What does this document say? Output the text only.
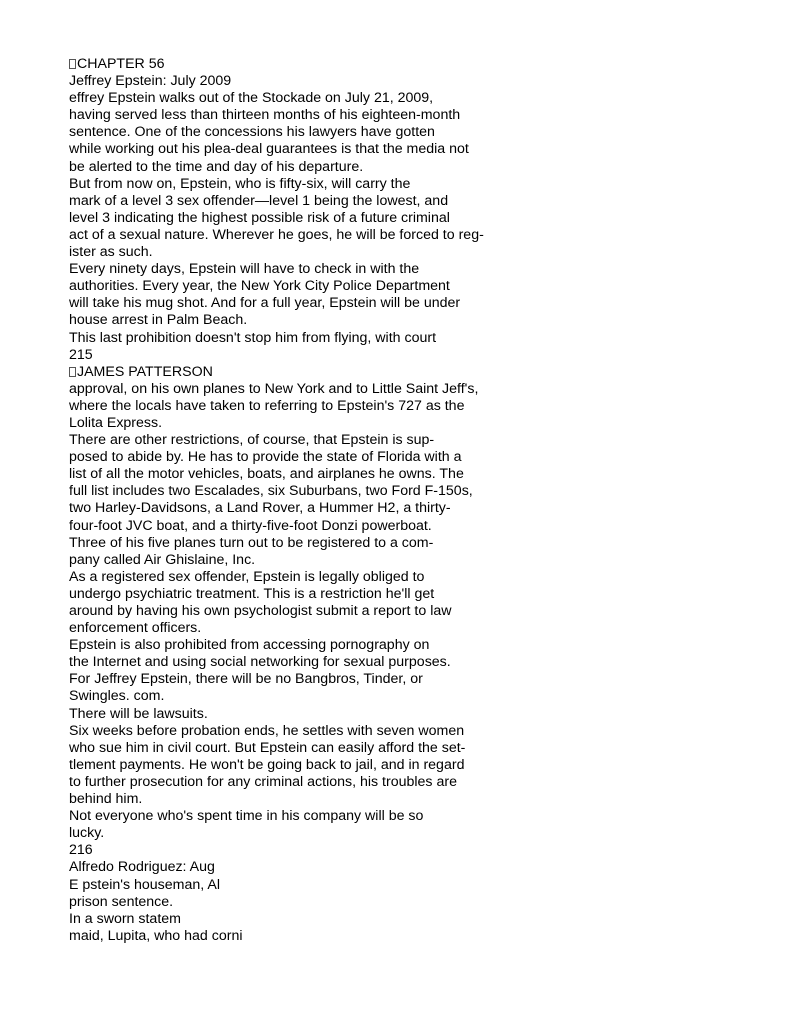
CHAPTER 56
Jeffrey Epstein: July 2009
effrey Epstein walks out of the Stockade on July 21, 2009,
having served less than thirteen months of his eighteen-month
sentence. One of the concessions his lawyers have gotten
while working out his plea-deal guarantees is that the media not
be alerted to the time and day of his departure.
But from now on, Epstein, who is fifty-six, will carry the
mark of a level 3 sex offender—level 1 being the lowest, and
level 3 indicating the highest possible risk of a future criminal
act of a sexual nature. Wherever he goes, he will be forced to reg-
ister as such.
Every ninety days, Epstein will have to check in with the
authorities. Every year, the New York City Police Department
will take his mug shot. And for a full year, Epstein will be under
house arrest in Palm Beach.
This last prohibition doesn't stop him from flying, with court
215
JAMES PATTERSON
approval, on his own planes to New York and to Little Saint Jeff's,
where the locals have taken to referring to Epstein's 727 as the
Lolita Express.
There are other restrictions, of course, that Epstein is sup-
posed to abide by. He has to provide the state of Florida with a
list of all the motor vehicles, boats, and airplanes he owns. The
full list includes two Escalades, six Suburbans, two Ford F-150s,
two Harley-Davidsons, a Land Rover, a Hummer H2, a thirty-
four-foot JVC boat, and a thirty-five-foot Donzi powerboat.
Three of his five planes turn out to be registered to a com-
pany called Air Ghislaine, Inc.
As a registered sex offender, Epstein is legally obliged to
undergo psychiatric treatment. This is a restriction he'll get
around by having his own psychologist submit a report to law
enforcement officers.
Epstein is also prohibited from accessing pornography on
the Internet and using social networking for sexual purposes.
For Jeffrey Epstein, there will be no Bangbros, Tinder, or
Swingles. com.
There will be lawsuits.
Six weeks before probation ends, he settles with seven women
who sue him in civil court. But Epstein can easily afford the set-
tlement payments. He won't be going back to jail, and in regard
to further prosecution for any criminal actions, his troubles are
behind him.
Not everyone who's spent time in his company will be so
lucky.
216
Alfredo Rodriguez: Aug
E pstein's houseman, Al
prison sentence.
In a sworn statem
maid, Lupita, who had corni
